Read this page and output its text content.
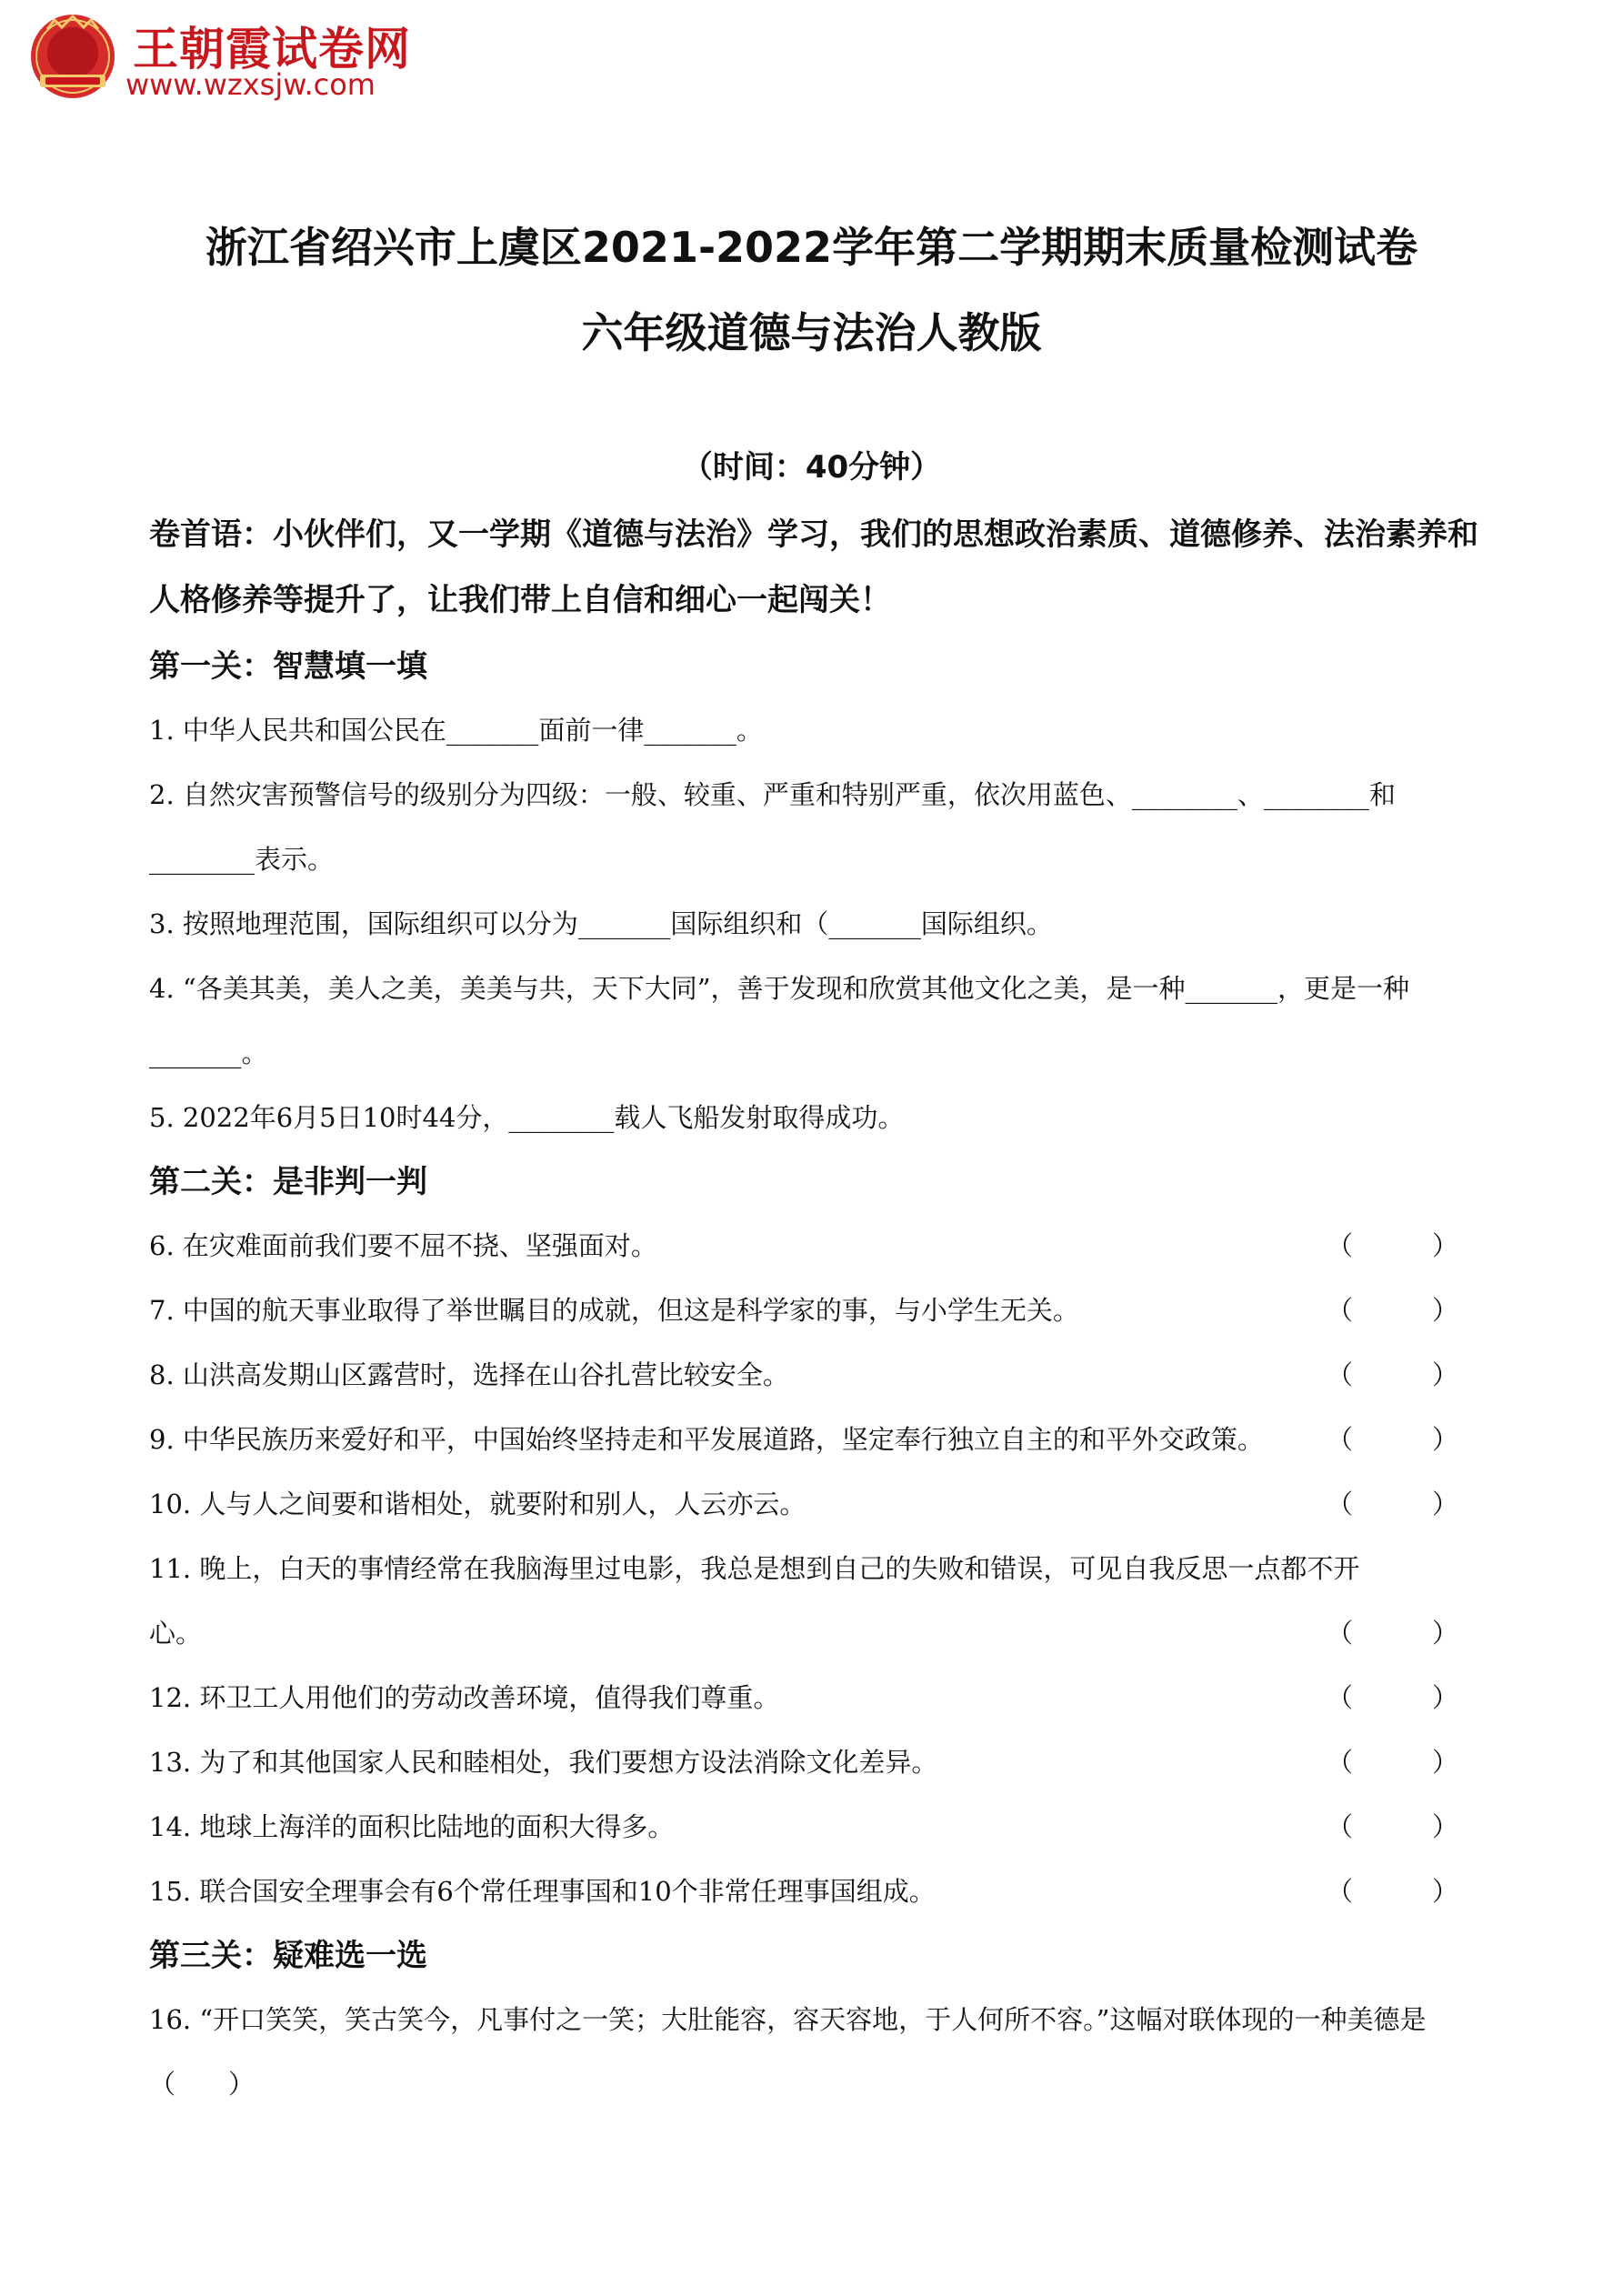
王朝霞试卷网
www.wzxsjw.com
浙江省绍兴市上虞区2021-2022学年第二学期期末质量检测试卷
六年级道德与法治人教版
（时间：40分钟）

卷首语：小伙伴们，又一学期《道德与法治》学习，我们的思想政治素质、道德修养、法治素养和人格修养等提升了，让我们带上自信和细心一起闯关！

第一关：智慧填一填
1. 中华人民共和国公民在_______面前一律_______。
2. 自然灾害预警信号的级别分为四级：一般、较重、严重和特别严重，依次用蓝色、________、________和________表示。
3. 按照地理范围，国际组织可以分为_______国际组织和（_______国际组织。
4. “各美其美，美人之美，美美与共，天下大同”，善于发现和欣赏其他文化之美，是一种_______，更是一种_______。
5. 2022年6月5日10时44分，________载人飞船发射取得成功。
第二关：是非判一判
6. 在灾难面前我们要不屈不挠、坚强面对。	（　　　）
7. 中国的航天事业取得了举世瞩目的成就，但这是科学家的事，与小学生无关。	（　　　）
8. 山洪高发期山区露营时，选择在山谷扎营比较安全。	（　　　）
9. 中华民族历来爱好和平，中国始终坚持走和平发展道路，坚定奉行独立自主的和平外交政策。 （　　　）
10. 人与人之间要和谐相处，就要附和别人，人云亦云。	（　　　）
11. 晚上，白天的事情经常在我脑海里过电影，我总是想到自己的失败和错误，可见自我反思一点都不开
心。	（　　　）
12. 环卫工人用他们的劳动改善环境，值得我们尊重。	（　　　）
13. 为了和其他国家人民和睦相处，我们要想方设法消除文化差异。	（　　　）
14. 地球上海洋的面积比陆地的面积大得多。	（　　　）
15. 联合国安全理事会有6个常任理事国和10个非常任理事国组成。	（　　　）
第三关：疑难选一选
16. “开口笑笑，笑古笑今，凡事付之一笑；大肚能容，容天容地，于人何所不容。”这幅对联体现的一种美德是（　　）
